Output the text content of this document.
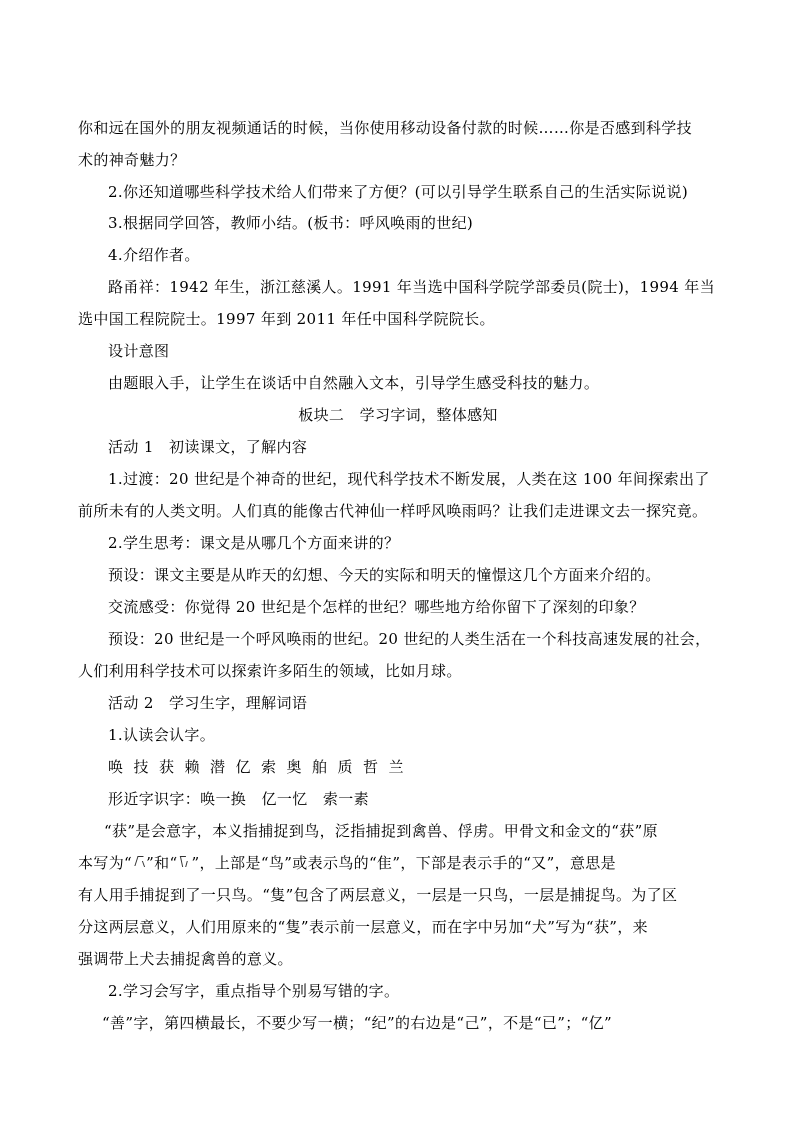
你和远在国外的朋友视频通话的时候，当你使用移动设备付款的时候……你是否感到科学技
术的神奇魅力？
2.你还知道哪些科学技术给人们带来了方便？(可以引导学生联系自己的生活实际说说)
3.根据同学回答，教师小结。(板书：呼风唤雨的世纪)
4.介绍作者。
路甬祥：1942 年生，浙江慈溪人。1991 年当选中国科学院学部委员(院士)，1994 年当
选中国工程院院士。1997 年到 2011 年任中国科学院院长。
设计意图
由题眼入手，让学生在谈话中自然融入文本，引导学生感受科技的魅力。
板块二　学习字词，整体感知
活动 1　初读课文，了解内容
1.过渡：20 世纪是个神奇的世纪，现代科学技术不断发展，人类在这 100 年间探索出了
前所未有的人类文明。人们真的能像古代神仙一样呼风唤雨吗？让我们走进课文去一探究竟。
2.学生思考：课文是从哪几个方面来讲的？
预设：课文主要是从昨天的幻想、今天的实际和明天的憧憬这几个方面来介绍的。
交流感受：你觉得 20 世纪是个怎样的世纪？哪些地方给你留下了深刻的印象？
预设：20 世纪是一个呼风唤雨的世纪。20 世纪的人类生活在一个科技高速发展的社会，
人们利用科学技术可以探索许多陌生的领域，比如月球。
活动 2　学习生字，理解词语
1.认读会认字。
唤技获赖潜亿索奥舶质哲兰
形近字识字：唤一换　亿一忆　索一素
“获”是会意字，本义指捕捉到鸟，泛指捕捉到禽兽、俘虏。甲骨文和金文的“获”原
本写为“ ”和“ ”，上部是“鸟”或表示鸟的“隹”，下部是表示手的“又”，意思是
有人用手捕捉到了一只鸟。“隻”包含了两层意义，一层是一只鸟，一层是捕捉鸟。为了区
分这两层意义，人们用原来的“隻”表示前一层意义，而在字中另加“犬”写为“获”，来
强调带上犬去捕捉禽兽的意义。
2.学习会写字，重点指导个别易写错的字。
“善”字，第四横最长，不要少写一横；“纪”的右边是“己”，不是“已”；“亿”
